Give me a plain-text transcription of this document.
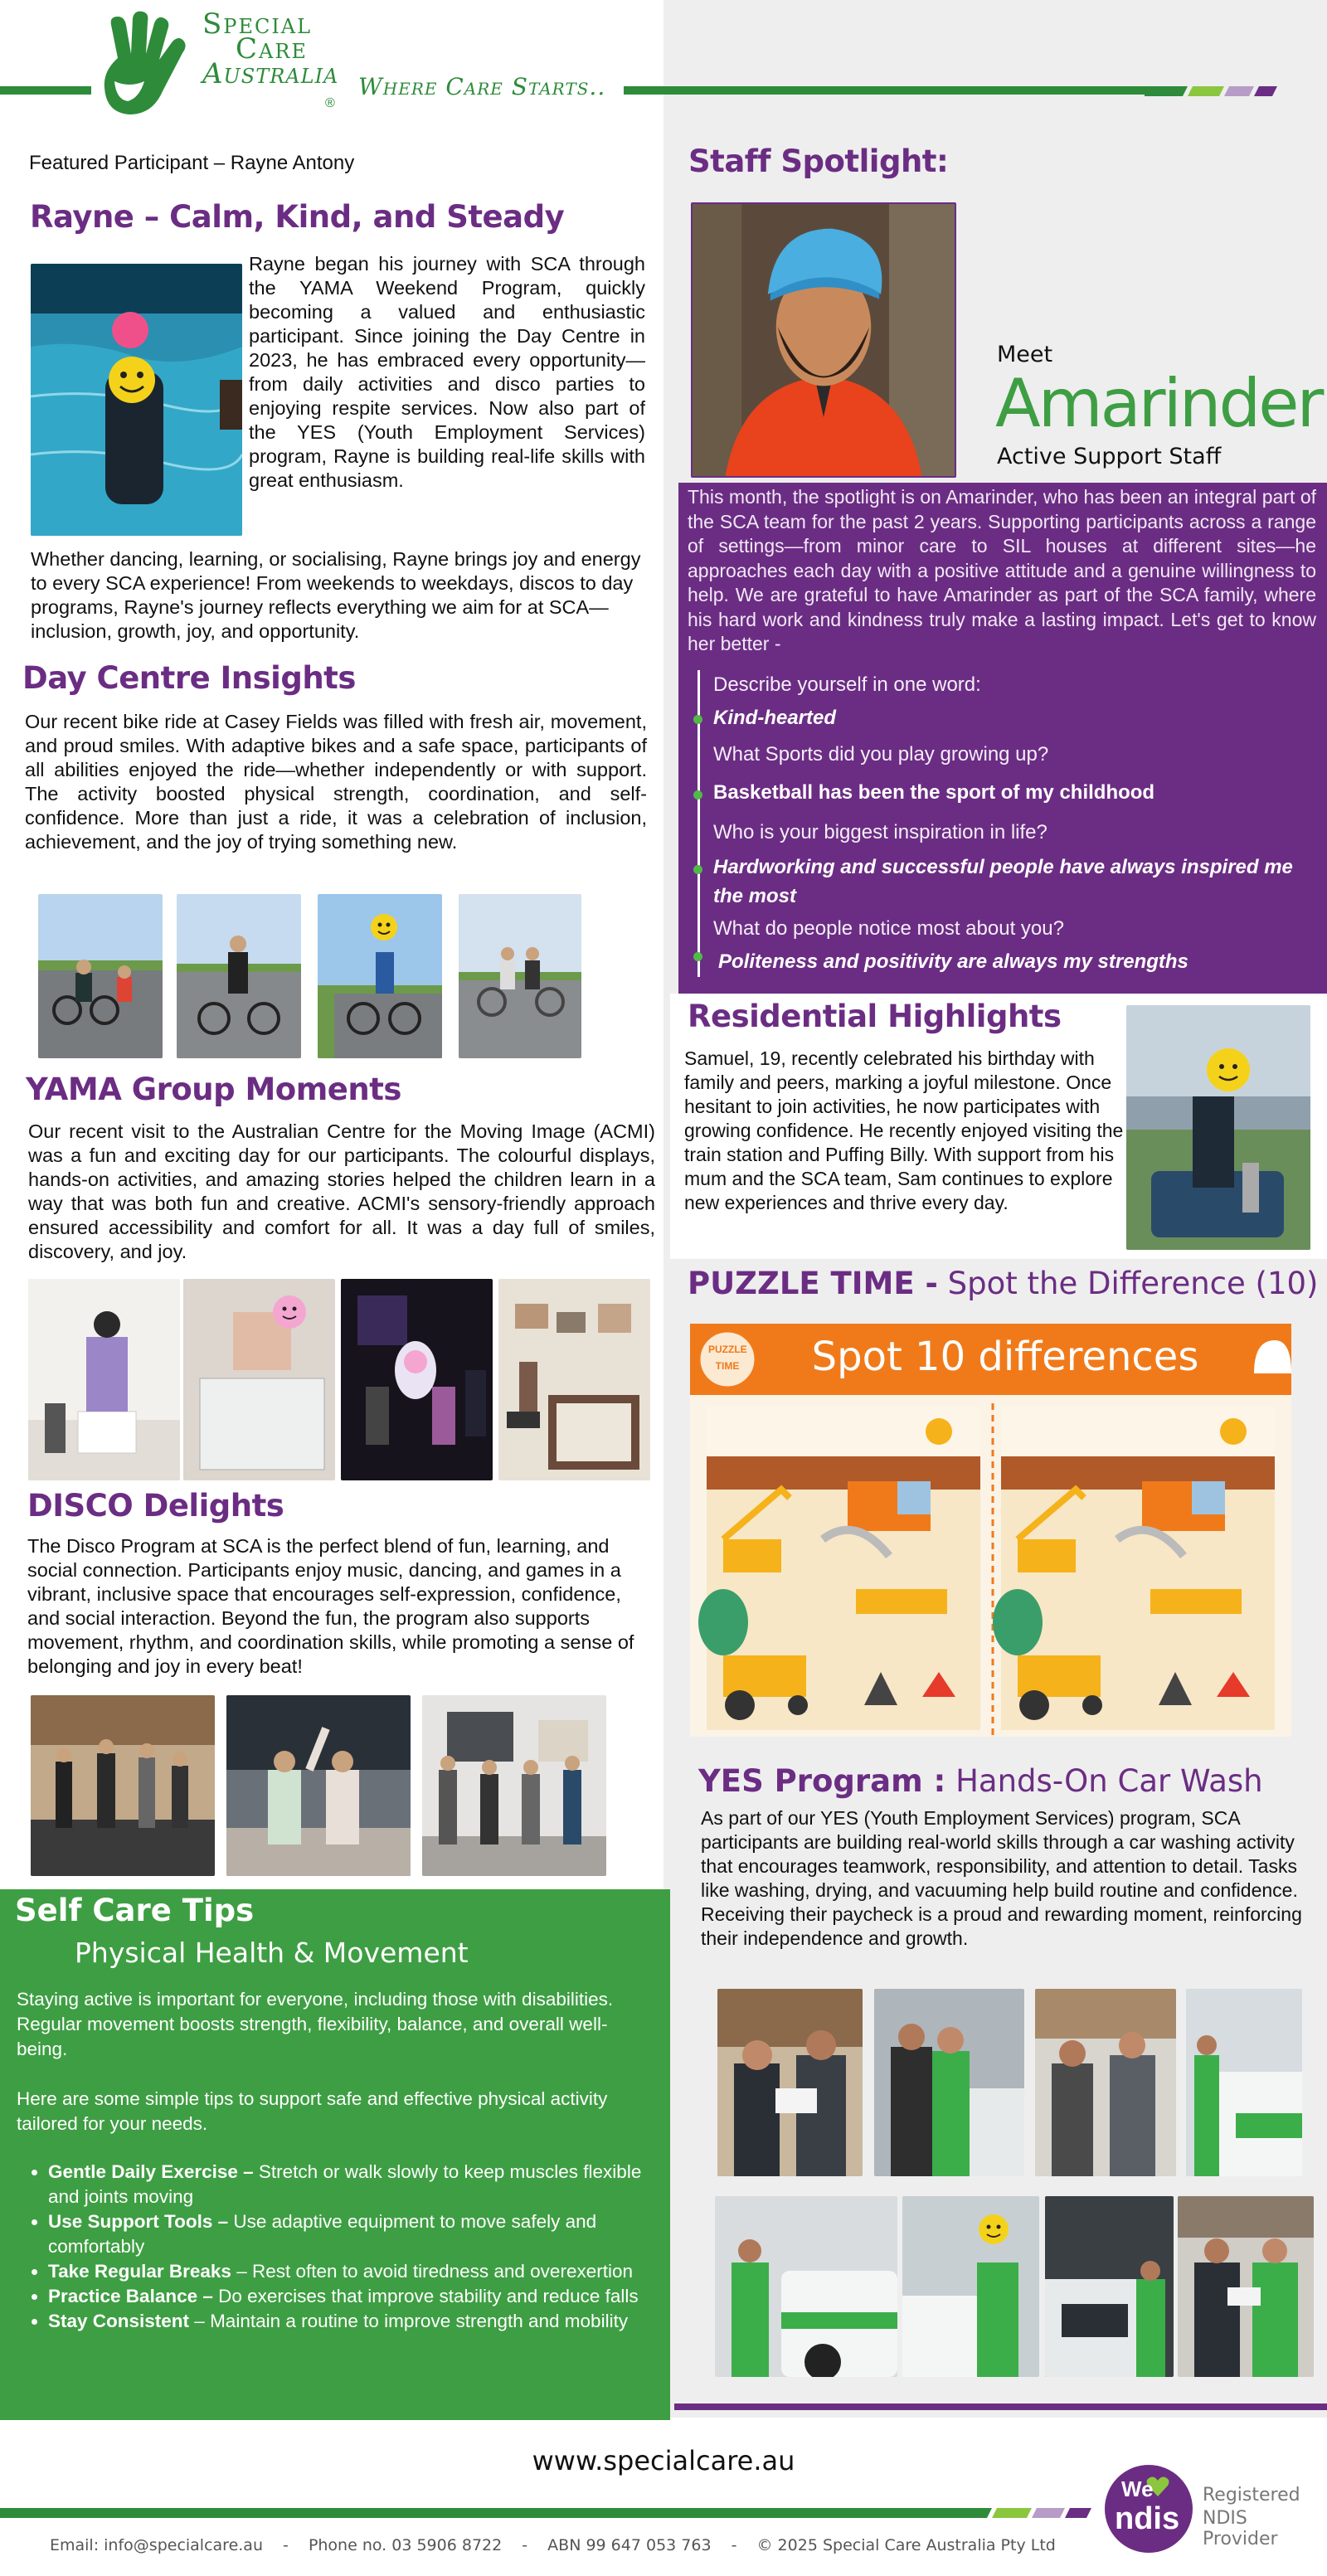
Special
Care
Australia
®
Where Care Starts..
Featured Participant – Rayne Antony
Rayne – Calm, Kind, and Steady
Rayne began his journey with SCA through the YAMA Weekend Program, quickly becoming a valued and enthusiastic participant. Since joining the Day Centre in 2023, he has embraced every opportunity—from daily activities and disco parties to enjoying respite services. Now also part of the YES (Youth Employment Services) program, Rayne is building real-life skills with great enthusiasm.
Whether dancing, learning, or socialising, Rayne brings joy and energy to every SCA experience! From weekends to weekdays, discos to day programs, Rayne's journey reflects everything we aim for at SCA—inclusion, growth, joy, and opportunity.
Day Centre Insights
Our recent bike ride at Casey Fields was filled with fresh air, movement, and proud smiles. With adaptive bikes and a safe space, participants of all abilities enjoyed the ride—whether independently or with support. The activity boosted physical strength, coordination, and self-confidence. More than just a ride, it was a celebration of inclusion, achievement, and the joy of trying something new.
YAMA Group Moments
Our recent visit to the Australian Centre for the Moving Image (ACMI) was a fun and exciting day for our participants. The colourful displays, hands-on activities, and amazing stories helped the children learn in a way that was both fun and creative. ACMI's sensory-friendly approach ensured accessibility and comfort for all. It was a day full of smiles, discovery, and joy.
DISCO Delights
The Disco Program at SCA is the perfect blend of fun, learning, and social connection. Participants enjoy music, dancing, and games in a vibrant, inclusive space that encourages self-expression, confidence, and social interaction. Beyond the fun, the program also supports movement, rhythm, and coordination skills, while promoting a sense of belonging and joy in every beat!
Self Care Tips
Physical Health & Movement
Staying active is important for everyone, including those with disabilities. Regular movement boosts strength, flexibility, balance, and overall well-being.
Here are some simple tips to support safe and effective physical activity tailored for your needs.
• Gentle Daily Exercise – Stretch or walk slowly to keep muscles flexible and joints moving
• Use Support Tools – Use adaptive equipment to move safely and comfortably
• Take Regular Breaks – Rest often to avoid tiredness and overexertion
• Practice Balance – Do exercises that improve stability and reduce falls
• Stay Consistent – Maintain a routine to improve strength and mobility
Staff Spotlight:
Meet
Amarinder
Active Support Staff
This month, the spotlight is on Amarinder, who has been an integral part of the SCA team for the past 2 years. Supporting participants across a range of settings—from minor care to SIL houses at different sites—he approaches each day with a positive attitude and a genuine willingness to help. We are grateful to have Amarinder as part of the SCA family, where his hard work and kindness truly make a lasting impact. Let's get to know her better -
Describe yourself in one word:
Kind-hearted
What Sports did you play growing up?
Basketball has been the sport of my childhood
Who is your biggest inspiration in life?
Hardworking and successful people have always inspired me the most
What do people notice most about you?
Politeness and positivity are always my strengths
Residential Highlights
Samuel, 19, recently celebrated his birthday with family and peers, marking a joyful milestone. Once hesitant to join activities, he now participates with growing confidence. He recently enjoyed visiting the train station and Puffing Billy. With support from his mum and the SCA team, Sam continues to explore new experiences and thrive every day.
PUZZLE TIME - Spot the Difference (10)
PUZZLE
TIME	Spot 10 differences
YES Program : Hands-On Car Wash
As part of our YES (Youth Employment Services) program, SCA participants are building real-world skills through a car washing activity that encourages teamwork, responsibility, and attention to detail. Tasks like washing, drying, and vacuuming help build routine and confidence. Receiving their paycheck is a proud and rewarding moment, reinforcing their independence and growth.
www.specialcare.au
We
ndis
Registered
NDIS Provider
Email: info@specialcare.au - Phone no. 03 5906 8722 - ABN 99 647 053 763 - © 2025 Special Care Australia Pty Ltd
